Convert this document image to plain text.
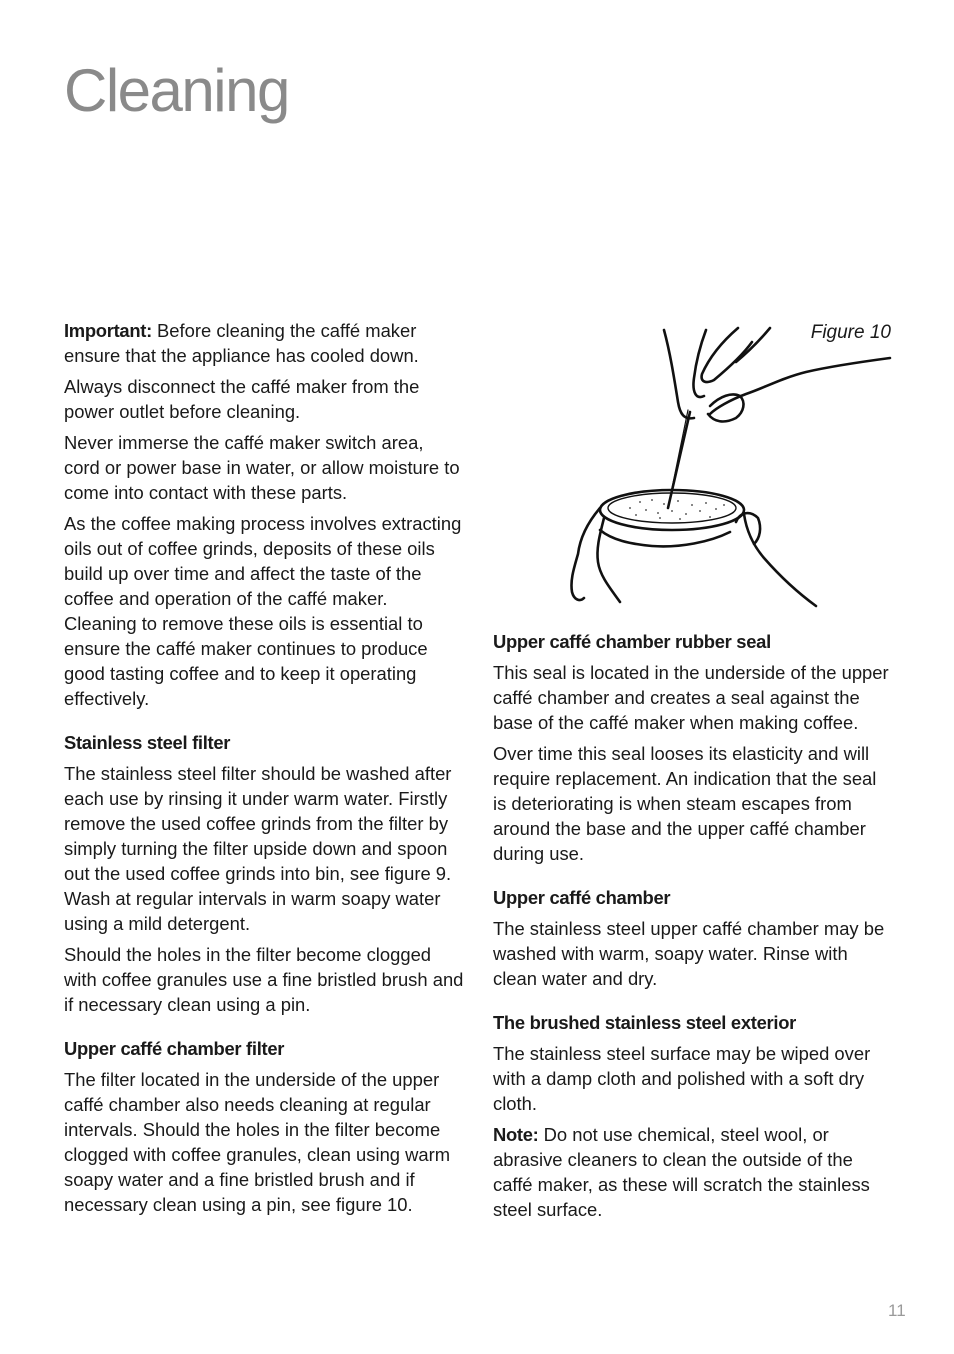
Cleaning

Important: Before cleaning the caffé maker ensure that the appliance has cooled down.

Always disconnect the caffé maker from the power outlet before cleaning.

Never immerse the caffé maker switch area, cord or power base in water, or allow moisture to come into contact with these parts.

As the coffee making process involves extracting oils out of coffee grinds, deposits of these oils build up over time and affect the taste of the coffee and operation of the caffé maker. Cleaning to remove these oils is essential to ensure the caffé maker continues to produce good tasting coffee and to keep it operating effectively.

Stainless steel filter

The stainless steel filter should be washed after each use by rinsing it under warm water. Firstly remove the used coffee grinds from the filter by simply turning the filter upside down and spoon out the used coffee grinds into bin, see figure 9. Wash at regular intervals in warm soapy water using a mild detergent.

Should the holes in the filter become clogged with coffee granules use a fine bristled brush and if necessary clean using a pin.

Upper caffé chamber filter

The filter located in the underside of the upper caffé chamber also needs cleaning at regular intervals. Should the holes in the filter become clogged with coffee granules, clean using warm soapy water and a fine bristled brush and if necessary clean using a pin, see figure 10.

Figure 10
Upper caffé chamber rubber seal

This seal is located in the underside of the upper caffé chamber and creates a seal against the base of the caffé maker when making coffee.

Over time this seal looses its elasticity and will require replacement. An indication that the seal is deteriorating is when steam escapes from around the base and the upper caffé chamber during use.

Upper caffé chamber

The stainless steel upper caffé chamber may be washed with warm, soapy water. Rinse with clean water and dry.

The brushed stainless steel exterior

The stainless steel surface may be wiped over with a damp cloth and polished with a soft dry cloth.

Note: Do not use chemical, steel wool, or abrasive cleaners to clean the outside of the caffé maker, as these will scratch the stainless steel surface.

11
